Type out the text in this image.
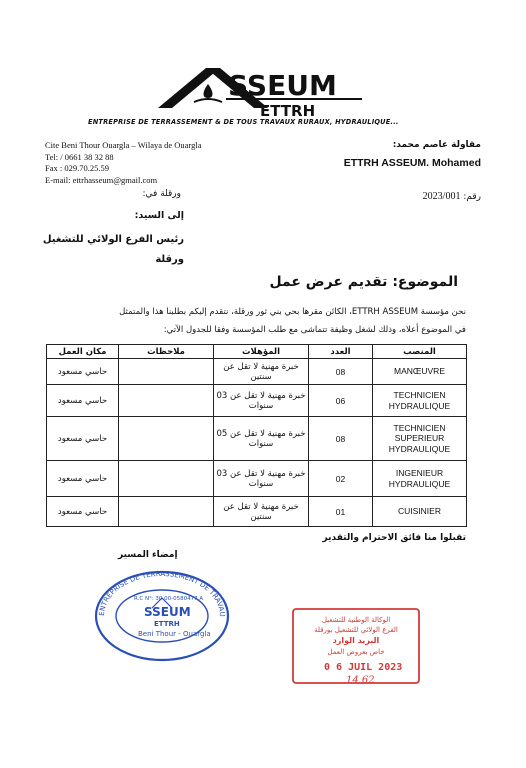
SSEUM
ETTRH
ENTREPRISE DE TERRASSEMENT & DE TOUS TRAVAUX RURAUX, HYDRAULIQUE...
Cite Beni Thour Ouargla – Wilaya de Ouargla
Tel: / 0661 38 32 88
Fax : 029.70.25.59
E-mail: ettrhasseum@gmail.com
مقاولة عاصم محمد:
ETTRH ASSEUM. Mohamed
رقم: 2023/001
ورقلة في:
إلى السيد:
رئيس الفرع الولائي للتشغيل
ورقلة
الموضوع: تقديم عرض عمل
نحن مؤسسة ETTRH ASSEUM، الكائن مقرها بحي بني ثور ورقلة، نتقدم إليكم بطلبنا هذا والمتمثل
في الموضوع أعلاه، وذلك لشغل وظيفة تتماشى مع طلب المؤسسة وفقا للجدول الآتي:
مكان العمل	ملاحظات	المؤهلات	العدد	المنصب
حاسي مسعود		خبرة مهنية لا تقل عن سنتين	08	MANŒUVRE
حاسي مسعود		خبرة مهنية لا تقل عن 03 سنوات	06	TECHNICIEN HYDRAULIQUE
حاسي مسعود		خبرة مهنية لا تقل عن 05 سنوات	08	TECHNICIEN SUPERIEUR HYDRAULIQUE
حاسي مسعود		خبرة مهنية لا تقل عن 03 سنوات	02	INGENIEUR HYDRAULIQUE
حاسي مسعود		خبرة مهنية لا تقل عن سنتين	01	CUISINIER
تقبلوا منا فائق الاحترام والتقدير
إمضاء المسير
ENTREPRISE DE TERRASSEMENT DE TRAVAU
R.C N°: 30 00-0580477 A
SSEUM
ETTRH
Beni Thour - Ouargla
الوكالة الوطنية للتشغيل
الفرع الولائي للتشغيل بورقلة
البريد الوارد
خاص بعروض العمل
0 6 JUIL 2023
14 62
